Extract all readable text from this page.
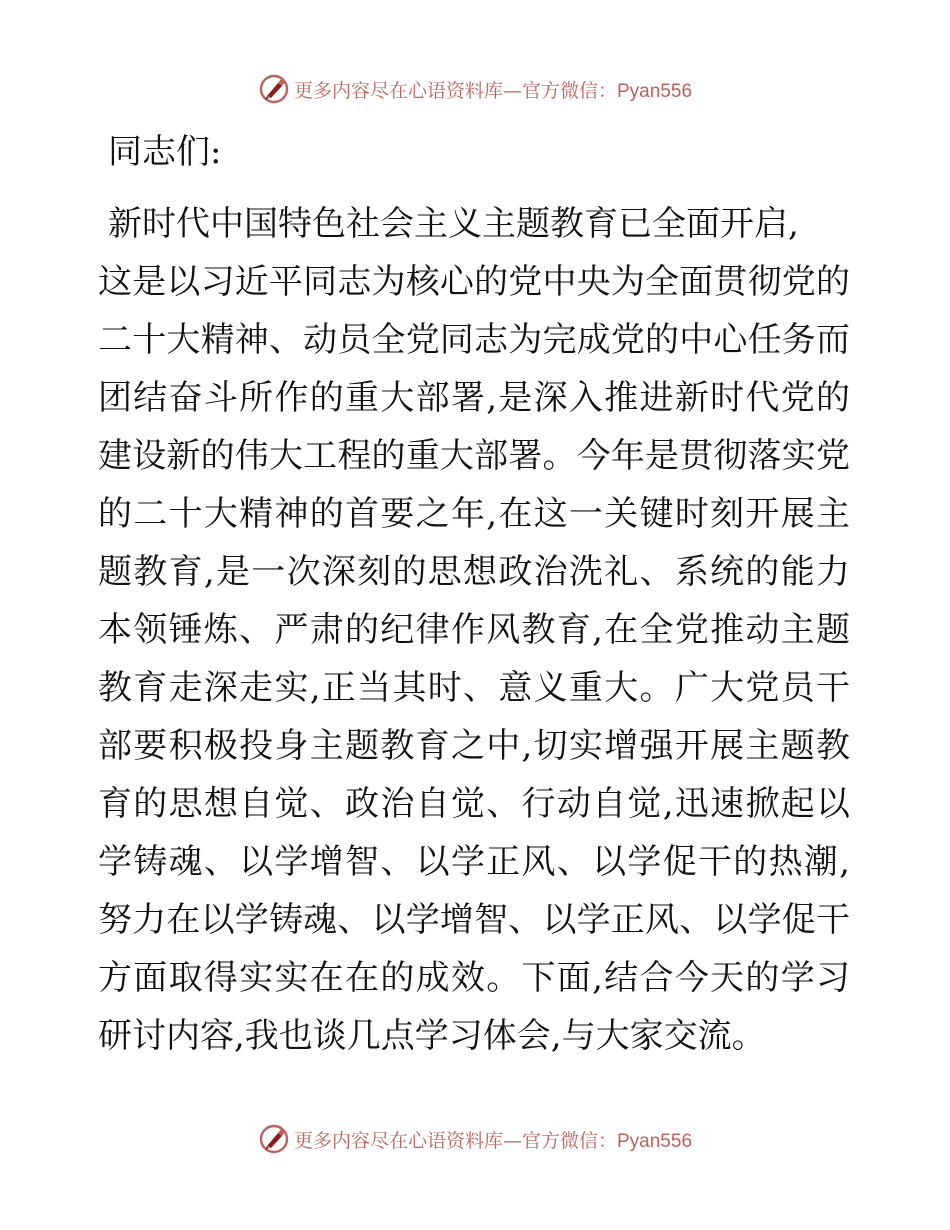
更多内容尽在心语资料库—官方微信：Pyan556

同志们:

新时代中国特色社会主义主题教育已全面开启,
这是以习近平同志为核心的党中央为全面贯彻党的
二十大精神、动员全党同志为完成党的中心任务而
团结奋斗所作的重大部署,是深入推进新时代党的
建设新的伟大工程的重大部署。今年是贯彻落实党
的二十大精神的首要之年,在这一关键时刻开展主
题教育,是一次深刻的思想政治洗礼、系统的能力
本领锤炼、严肃的纪律作风教育,在全党推动主题
教育走深走实,正当其时、意义重大。广大党员干
部要积极投身主题教育之中,切实增强开展主题教
育的思想自觉、政治自觉、行动自觉,迅速掀起以
学铸魂、以学增智、以学正风、以学促干的热潮,
努力在以学铸魂、以学增智、以学正风、以学促干
方面取得实实在在的成效。下面,结合今天的学习
研讨内容,我也谈几点学习体会,与大家交流。
更多内容尽在心语资料库—官方微信：Pyan556
